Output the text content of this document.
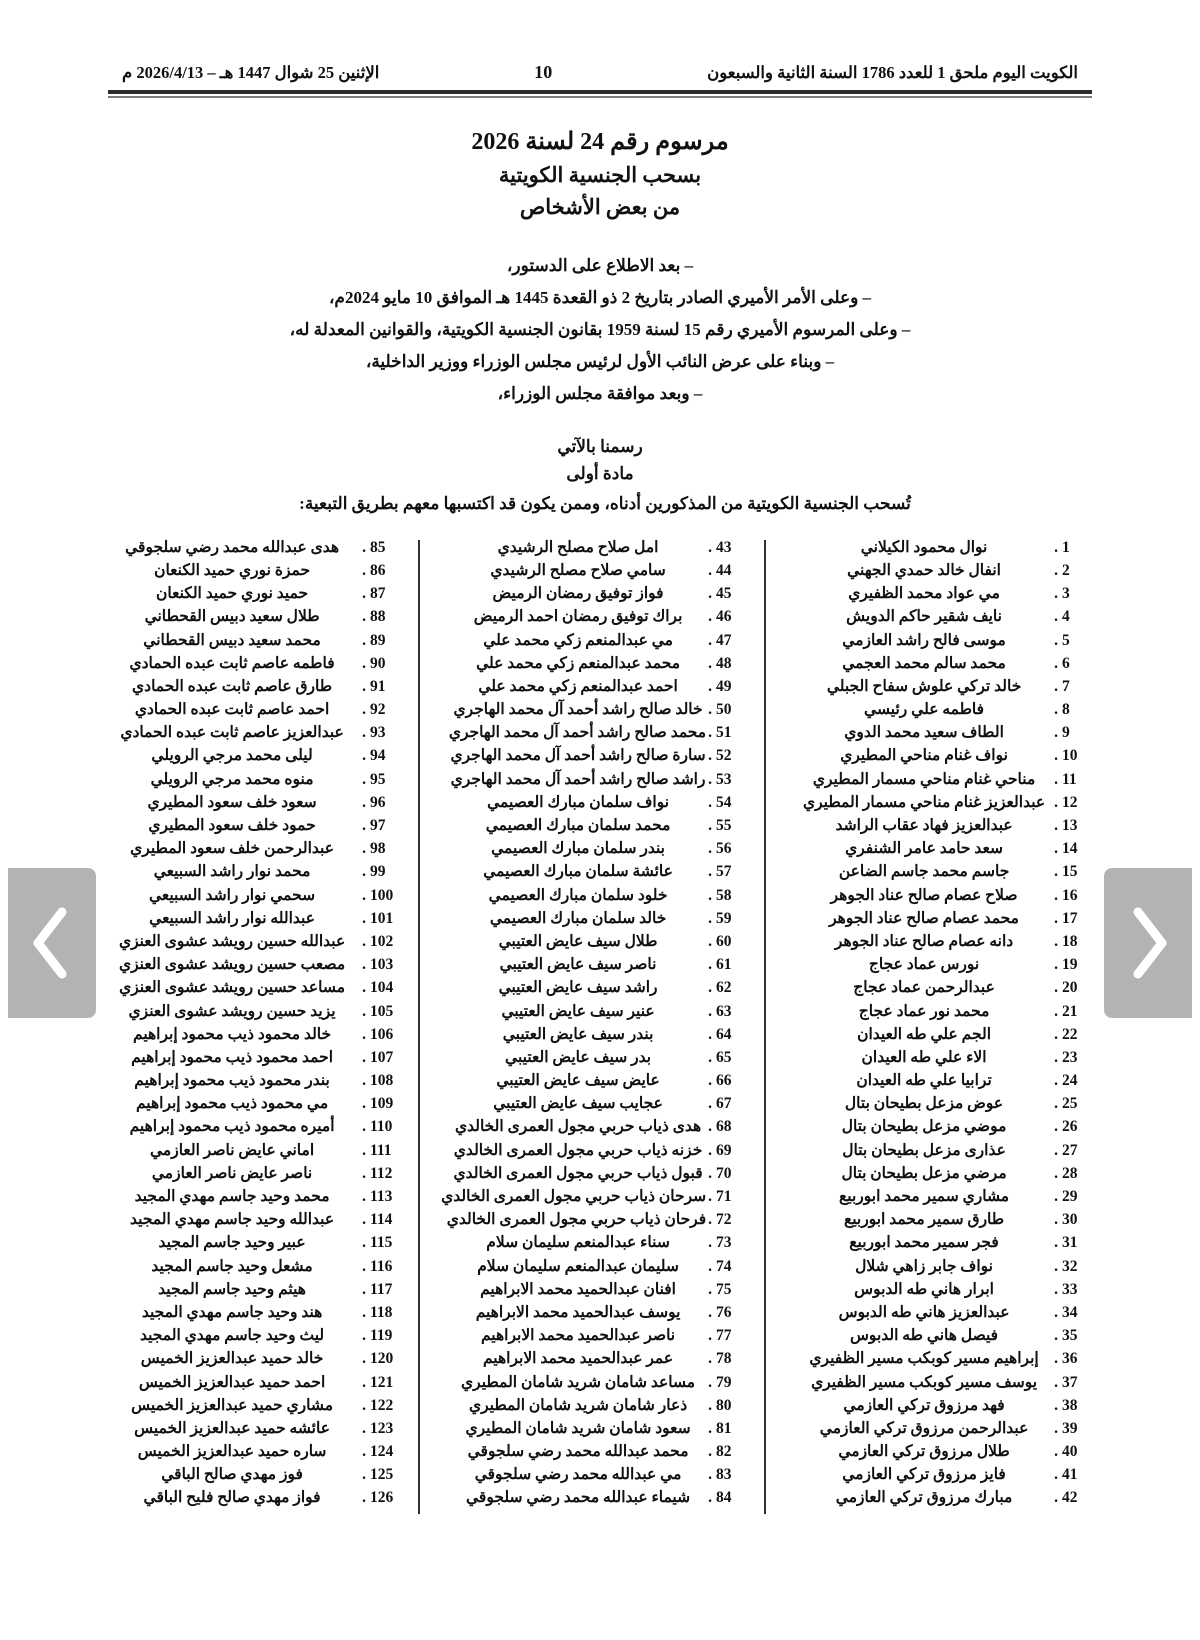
الكويت اليوم ملحق 1 للعدد 1786 السنة الثانية والسبعون
10
الإثنين 25 شوال 1447 هـ – 2026/4/13 م
مرسوم رقم 24 لسنة 2026
بسحب الجنسية الكويتية
من بعض الأشخاص
– بعد الاطلاع على الدستور،
– وعلى الأمر الأميري الصادر بتاريخ 2 ذو القعدة 1445 هـ الموافق 10 مايو 2024م،
– وعلى المرسوم الأميري رقم 15 لسنة 1959 بقانون الجنسية الكويتية، والقوانين المعدلة له،
– وبناء على عرض النائب الأول لرئيس مجلس الوزراء ووزير الداخلية،
– وبعد موافقة مجلس الوزراء،
رسمنا بالآتي
مادة أولى
تُسحب الجنسية الكويتية من المذكورين أدناه، وممن يكون قد اكتسبها معهم بطريق التبعية:
1
.
نوال محمود الكيلاني
2
.
انفال خالد حمدي الجهني
3
.
مي عواد محمد الظفيري
4
.
نايف شقير حاكم الدويش
5
.
موسى فالح راشد العازمي
6
.
محمد سالم محمد العجمي
7
.
خالد تركي علوش سفاح الجبلي
8
.
فاطمه علي رئيسي
9
.
الطاف سعيد محمد الدوي
10
.
نواف غنام مناحي المطيري
11
.
مناحي غنام مناحي مسمار المطيري
12
.
عبدالعزيز غنام مناحي مسمار المطيري
13
.
عبدالعزيز فهاد عقاب الراشد
14
.
سعد حامد عامر الشنفري
15
.
جاسم محمد جاسم الضاعن
16
.
صلاح عصام صالح عناد الجوهر
17
.
محمد عصام صالح عناد الجوهر
18
.
دانه عصام صالح عناد الجوهر
19
.
نورس عماد عجاج
20
.
عبدالرحمن عماد عجاج
21
.
محمد نور عماد عجاج
22
.
الجم علي طه العيدان
23
.
الاء علي طه العيدان
24
.
ترابيا علي طه العيدان
25
.
عوض مزعل بطيحان بتال
26
.
موضي مزعل بطيحان بتال
27
.
عذارى مزعل بطيحان بتال
28
.
مرضي مزعل بطيحان بتال
29
.
مشاري سمير محمد ابوربيع
30
.
طارق سمير محمد ابوربيع
31
.
فجر سمير محمد ابوربيع
32
.
نواف جابر زاهي شلال
33
.
ابرار هاني طه الدبوس
34
.
عبدالعزيز هاني طه الدبوس
35
.
فيصل هاني طه الدبوس
36
.
إبراهيم مسير كوبكب مسير الظفيري
37
.
يوسف مسير كوبكب مسير الظفيري
38
.
فهد مرزوق تركي العازمي
39
.
عبدالرحمن مرزوق تركي العازمي
40
.
طلال مرزوق تركي العازمي
41
.
فايز مرزوق تركي العازمي
42
.
مبارك مرزوق تركي العازمي
43
.
امل صلاح مصلح الرشيدي
44
.
سامي صلاح مصلح الرشيدي
45
.
فواز توفيق رمضان الرميض
46
.
براك توفيق رمضان احمد الرميض
47
.
مي عبدالمنعم زكي محمد علي
48
.
محمد عبدالمنعم زكي محمد علي
49
.
احمد عبدالمنعم زكي محمد علي
50
.
خالد صالح راشد أحمد آل محمد الهاجري
51
.
محمد صالح راشد أحمد آل محمد الهاجري
52
.
سارة صالح راشد أحمد آل محمد الهاجري
53
.
راشد صالح راشد أحمد آل محمد الهاجري
54
.
نواف سلمان مبارك العصيمي
55
.
محمد سلمان مبارك العصيمي
56
.
بندر سلمان مبارك العصيمي
57
.
عائشة سلمان مبارك العصيمي
58
.
خلود سلمان مبارك العصيمي
59
.
خالد سلمان مبارك العصيمي
60
.
طلال سيف عايض العتيبي
61
.
ناصر سيف عايض العتيبي
62
.
راشد سيف عايض العتيبي
63
.
عنير سيف عايض العتيبي
64
.
بندر سيف عايض العتيبي
65
.
بدر سيف عايض العتيبي
66
.
عايض سيف عايض العتيبي
67
.
عجايب سيف عايض العتيبي
68
.
هدى ذياب حربي مجول العمرى الخالدي
69
.
خزنه ذياب حربي مجول العمرى الخالدي
70
.
قبول ذياب حربي مجول العمرى الخالدي
71
.
سرحان ذياب حربي مجول العمرى الخالدي
72
.
فرحان ذياب حربي مجول العمرى الخالدي
73
.
سناء عبدالمنعم سليمان سلام
74
.
سليمان عبدالمنعم سليمان سلام
75
.
افنان عبدالحميد محمد الابراهيم
76
.
يوسف عبدالحميد محمد الابراهيم
77
.
ناصر عبدالحميد محمد الابراهيم
78
.
عمر عبدالحميد محمد الابراهيم
79
.
مساعد شامان شريد شامان المطيري
80
.
ذعار شامان شريد شامان المطيري
81
.
سعود شامان شريد شامان المطيري
82
.
محمد عبدالله محمد رضي سلجوقي
83
.
مي عبدالله محمد رضي سلجوقي
84
.
شيماء عبدالله محمد رضي سلجوقي
85
.
هدى عبدالله محمد رضي سلجوقي
86
.
حمزة نوري حميد الكنعان
87
.
حميد نوري حميد الكنعان
88
.
طلال سعيد دبيس القحطاني
89
.
محمد سعيد دبيس القحطاني
90
.
فاطمه عاصم ثابت عبده الحمادي
91
.
طارق عاصم ثابت عبده الحمادي
92
.
احمد عاصم ثابت عبده الحمادي
93
.
عبدالعزيز عاصم ثابت عبده الحمادي
94
.
ليلى محمد مرجي الرويلي
95
.
منوه محمد مرجي الرويلي
96
.
سعود خلف سعود المطيري
97
.
حمود خلف سعود المطيري
98
.
عبدالرحمن خلف سعود المطيري
99
.
محمد نوار راشد السبيعي
100
.
سحمي نوار راشد السبيعي
101
.
عبدالله نوار راشد السبيعي
102
.
عبدالله حسين رويشد عشوى العنزي
103
.
مصعب حسين رويشد عشوى العنزي
104
.
مساعد حسين رويشد عشوى العنزي
105
.
يزيد حسين رويشد عشوى العنزي
106
.
خالد محمود ذيب محمود إبراهيم
107
.
احمد محمود ذيب محمود إبراهيم
108
.
بندر محمود ذيب محمود إبراهيم
109
.
مي محمود ذيب محمود إبراهيم
110
.
أميره محمود ذيب محمود إبراهيم
111
.
اماني عايض ناصر العازمي
112
.
ناصر عايض ناصر العازمي
113
.
محمد وحيد جاسم مهدي المجيد
114
.
عبدالله وحيد جاسم مهدي المجيد
115
.
عبير وحيد جاسم المجيد
116
.
مشعل وحيد جاسم المجيد
117
.
هيثم وحيد جاسم المجيد
118
.
هند وحيد جاسم مهدي المجيد
119
.
ليث وحيد جاسم مهدي المجيد
120
.
خالد حميد عبدالعزيز الخميس
121
.
احمد حميد عبدالعزيز الخميس
122
.
مشاري حميد عبدالعزيز الخميس
123
.
عائشه حميد عبدالعزيز الخميس
124
.
ساره حميد عبدالعزيز الخميس
125
.
فوز مهدي صالح الباقي
126
.
فواز مهدي صالح فليح الباقي
